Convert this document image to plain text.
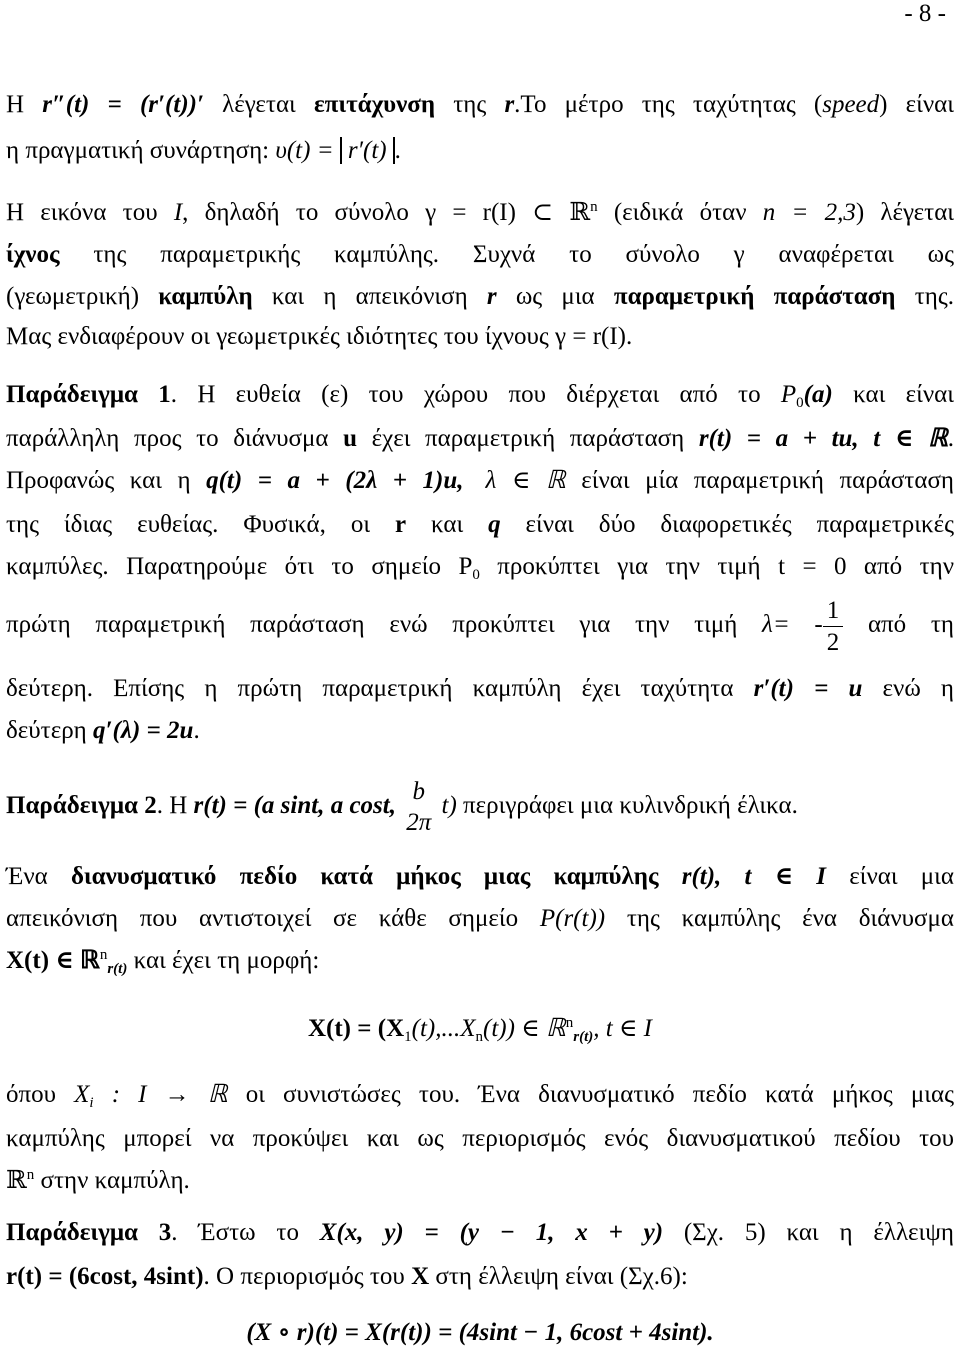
- 8 -
Η r″(t) = (r′(t))′ λέγεται επιτάχυνση της r.Το μέτρο της ταχύτητας (speed) είναι
η πραγματική συνάρτηση: υ(t) = r′(t) .
Η εικόνα του I, δηλαδή το σύνολο γ = r(I) ⊂ ℝ$^n$ (ειδικά όταν n = 2,3) λέγεται
ίχνος της παραμετρικής καμπύλης. Συχνά το σύνολο γ αναφέρεται ως
(γεωμετρική) καμπύλη και η απεικόνιση r ως μια παραμετρική παράσταση της.
Μας ενδιαφέρουν οι γεωμετρικές ιδιότητες του ίχνους γ = r(I).
Παράδειγμα 1. Η ευθεία (ε) του χώρου που διέρχεται από το $P_0(a)$ και είναι
παράλληλη προς το διάνυσμα u έχει παραμετρική παράσταση r(t) = a + tu, t ∈ ℝ.
Προφανώς και η q(t) = a + (2λ + 1)u, λ ∈ ℝ είναι μία παραμετρική παράσταση
της ίδιας ευθείας. Φυσικά, οι r και q είναι δύο διαφορετικές παραμετρικές
καμπύλες. Παρατηρούμε ότι το σημείο $P_0$ προκύπτει για την τιμή t = 0 από την
πρώτη παραμετρική παράσταση ενώ προκύπτει για την τιμή $\lambda= - \frac{1}{2}$ από τη
δεύτερη. Επίσης η πρώτη παραμετρική καμπύλη έχει ταχύτητα r′(t) = u ενώ η
δεύτερη q′(λ) = 2u.
Παράδειγμα 2. Η r(t) = (a sint, a cost,
b
2π
t) περιγράφει μια κυλινδρική έλικα.
Ένα διανυσματικό πεδίο κατά μήκος μιας καμπύλης r(t), t ∈ I είναι μια
απεικόνιση που αντιστοιχεί σε κάθε σημείο P(r(t)) της καμπύλης ένα διάνυσμα
X(t) ∈ ℝ$^n_{r(t)}$ και έχει τη μορφή:
$X(t) = (X_1(t),...X_n(t))$ ∈ ℝ$^n_{r(t)}$, t ∈ I
όπου $X_i$ : I → ℝ οι συνιστώσες του. Ένα διανυσματικό πεδίο κατά μήκος μιας
καμπύλης μπορεί να προκύψει και ως περιορισμός ενός διανυσματικού πεδίου του
ℝ$^n$ στην καμπύλη.
Παράδειγμα 3. Έστω το X(x, y) = (y − 1, x + y) (Σχ. 5) και η έλλειψη
r(t) = (6cost, 4sint). Ο περιορισμός του X στη έλλειψη είναι (Σχ.6):
(X ∘ r)(t) = X(r(t)) = (4sint − 1, 6cost + 4sint).
